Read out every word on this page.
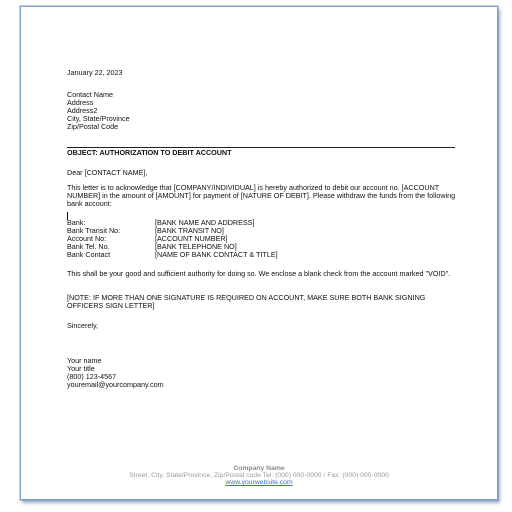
January 22, 2023
Contact Name
Address
Address2
City, State/Province
Zip/Postal Code
OBJECT: AUTHORIZATION TO DEBIT ACCOUNT
Dear [CONTACT NAME],
This letter is to acknowledge that [COMPANY/INDIVIDUAL] is hereby authorized to debit our account no. [ACCOUNT NUMBER] in the amount of [AMOUNT] for payment of [NATURE OF DEBIT]. Please withdraw the funds from the following bank account:
Bank:	[BANK NAME AND ADDRESS]
Bank Transit No:	[BANK TRANSIT NO]
Account No:	[ACCOUNT NUMBER]
Bank Tel. No.	[BANK TELEPHONE NO]
Bank Contact	[NAME OF BANK CONTACT & TITLE]
This shall be your good and sufficient authority for doing so. We enclose a blank check from the account marked "VOID".
[NOTE: IF MORE THAN ONE SIGNATURE IS REQUIRED ON ACCOUNT, MAKE SURE BOTH BANK SIGNING OFFICERS SIGN LETTER]
Sincerely,
Your name
Your title
(800) 123-4567
youremail@yourcompany.com
Company Name
Street, City, State/Province, Zip/Postal code Tel: (000) 000-0000 / Fax: (000) 000-0000
www.yourwebsite.com
